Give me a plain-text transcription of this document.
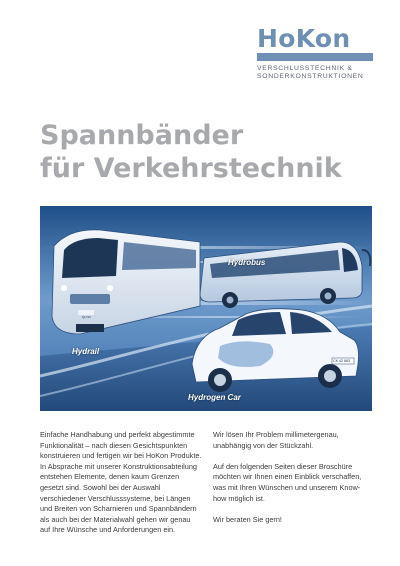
HoKon
VERSCHLUSSTECHNIK &
SONDERKONSTRUKTIONEN
Spannbänder
für Verkehrstechnik
Hydrail
Hydrobus
Hydrogen Car
QH 93
CK 42 863

Einfache Handhabung und perfekt abgestimmte Funktionalität – nach diesen Gesichtspunkten konstruieren und fertigen wir bei HoKon Produkte. In Absprache mit unserer Konstruktionsabteilung entstehen Elemente, denen kaum Grenzen gesetzt sind. Sowohl bei der Auswahl verschiedener Verschlusssysteme, bei Längen und Breiten von Scharnieren und Spannbändern als auch bei der Materialwahl gehen wir genau auf Ihre Wünsche und Anforderungen ein.

Wir lösen Ihr Problem millimetergenau, unabhängig von der Stückzahl.

Auf den folgenden Seiten dieser Broschüre möchten wir Ihnen einen Einblick verschaffen, was mit Ihren Wünschen und unserem Know-how möglich ist.

Wir beraten Sie gern!
